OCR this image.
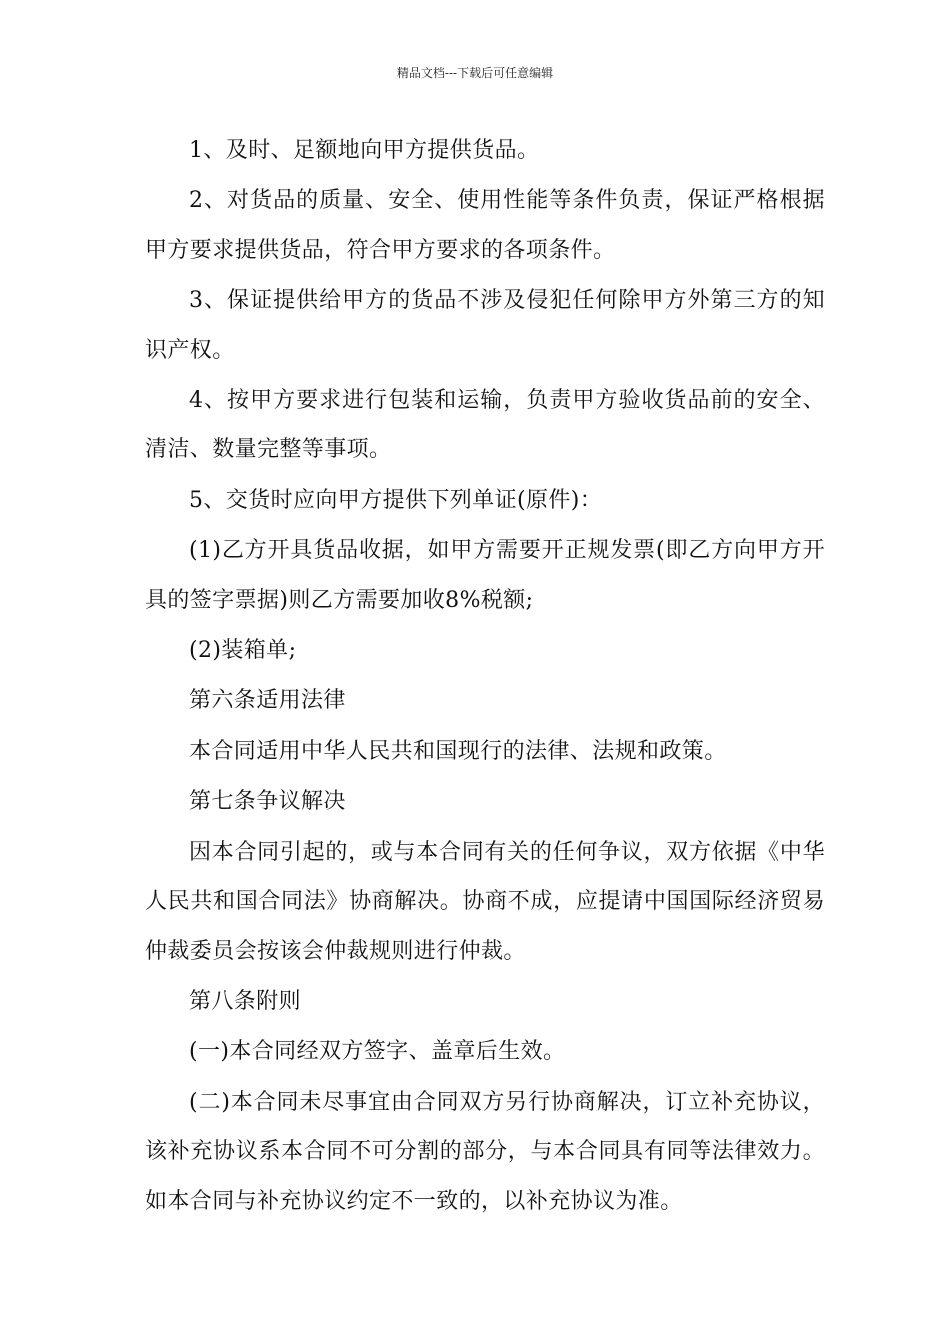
精品文档---下载后可任意编辑

1、及时、足额地向甲方提供货品。

2、对货品的质量、安全、使用性能等条件负责，保证严格根据甲方要求提供货品，符合甲方要求的各项条件。

3、保证提供给甲方的货品不涉及侵犯任何除甲方外第三方的知识产权。

4、按甲方要求进行包装和运输，负责甲方验收货品前的安全、清洁、数量完整等事项。

5、交货时应向甲方提供下列单证(原件)：

(1)乙方开具货品收据，如甲方需要开正规发票(即乙方向甲方开具的签字票据)则乙方需要加收8%税额;

(2)装箱单;

第六条适用法律

本合同适用中华人民共和国现行的法律、法规和政策。

第七条争议解决

因本合同引起的，或与本合同有关的任何争议，双方依据《中华人民共和国合同法》协商解决。协商不成，应提请中国国际经济贸易仲裁委员会按该会仲裁规则进行仲裁。

第八条附则

(一)本合同经双方签字、盖章后生效。

(二)本合同未尽事宜由合同双方另行协商解决，订立补充协议，该补充协议系本合同不可分割的部分，与本合同具有同等法律效力。如本合同与补充协议约定不一致的，以补充协议为准。
